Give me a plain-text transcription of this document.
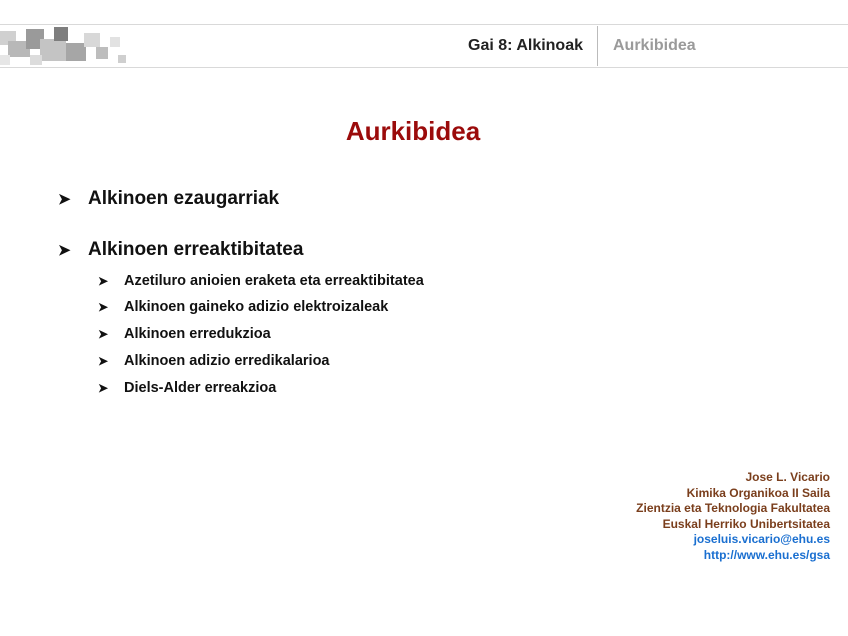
Gai 8: Alkinoak Aurkibidea
Aurkibidea
➤ Alkinoen ezaugarriak
➤ Alkinoen erreaktibitatea
➤ Azetiluro anioien eraketa eta erreaktibitatea
➤ Alkinoen gaineko adizio elektroizaleak
➤ Alkinoen erredukzioa
➤ Alkinoen adizio erredikalarioa
➤ Diels-Alder erreakzioa
Jose L. Vicario
Kimika Organikoa II Saila
Zientzia eta Teknologia Fakultatea
Euskal Herriko Unibertsitatea
joseluis.vicario@ehu.es
http://www.ehu.es/gsa
